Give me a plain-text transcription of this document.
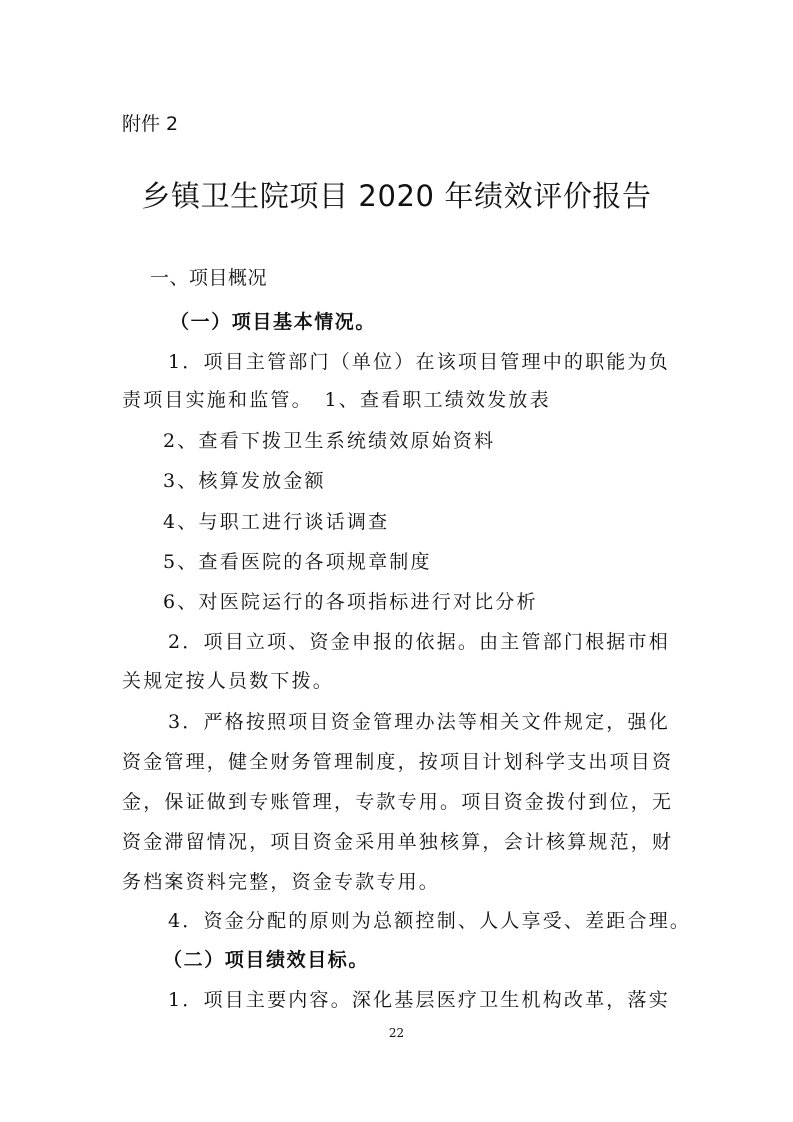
附件 2
乡镇卫生院项目 2020 年绩效评价报告
一、项目概况
（一）项目基本情况。
1．项目主管部门（单位）在该项目管理中的职能为负
责项目实施和监管。　1、查看职工绩效发放表
2、查看下拨卫生系统绩效原始资料
3、核算发放金额
4、与职工进行谈话调查
5、查看医院的各项规章制度
6、对医院运行的各项指标进行对比分析
2．项目立项、资金申报的依据。由主管部门根据市相
关规定按人员数下拨。
3．严格按照项目资金管理办法等相关文件规定，强化
资金管理，健全财务管理制度，按项目计划科学支出项目资
金，保证做到专账管理，专款专用。项目资金拨付到位，无
资金滞留情况，项目资金采用单独核算，会计核算规范，财
务档案资料完整，资金专款专用。
4．资金分配的原则为总额控制、人人享受、差距合理。
（二）项目绩效目标。
1．项目主要内容。深化基层医疗卫生机构改革，落实
22
